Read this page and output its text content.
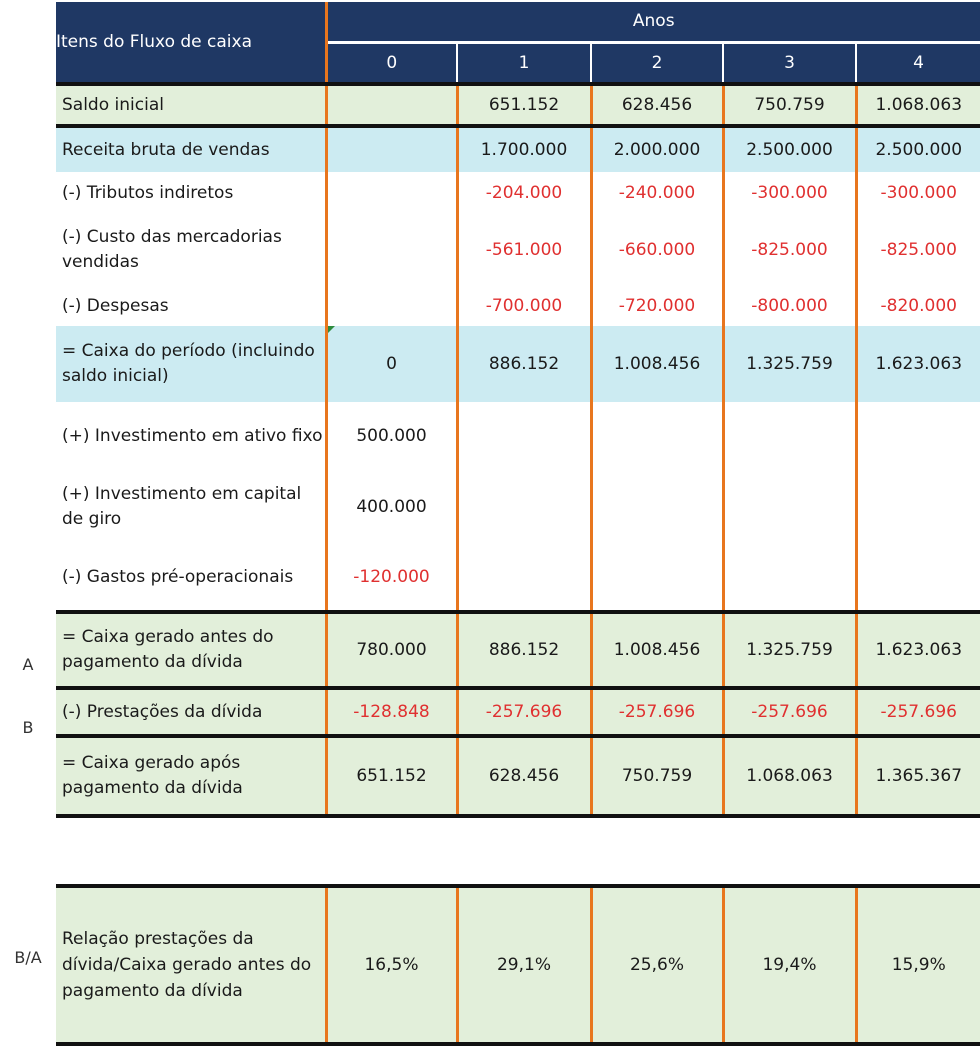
A
B
B/A
Itens do Fluxo de caixa	Anos				
	0	1	2	3	4
Saldo inicial		651.152	628.456	750.759	1.068.063
Receita bruta de vendas		1.700.000	2.000.000	2.500.000	2.500.000
(-) Tributos indiretos		-204.000	-240.000	-300.000	-300.000
(-) Custo das mercadorias vendidas		-561.000	-660.000	-825.000	-825.000
(-) Despesas		-700.000	-720.000	-800.000	-820.000
= Caixa do período (incluindo saldo inicial)	0	886.152	1.008.456	1.325.759	1.623.063
(+) Investimento em ativo fixo	500.000				
(+) Investimento em capital de giro	400.000				
(-) Gastos pré-operacionais	-120.000				
= Caixa gerado antes do pagamento da dívida	780.000	886.152	1.008.456	1.325.759	1.623.063
(-) Prestações da dívida	-128.848	-257.696	-257.696	-257.696	-257.696
= Caixa gerado após pagamento da dívida	651.152	628.456	750.759	1.068.063	1.365.367

Relação prestações da dívida/Caixa gerado antes do pagamento da dívida	16,5%	29,1%	25,6%	19,4%	15,9%
